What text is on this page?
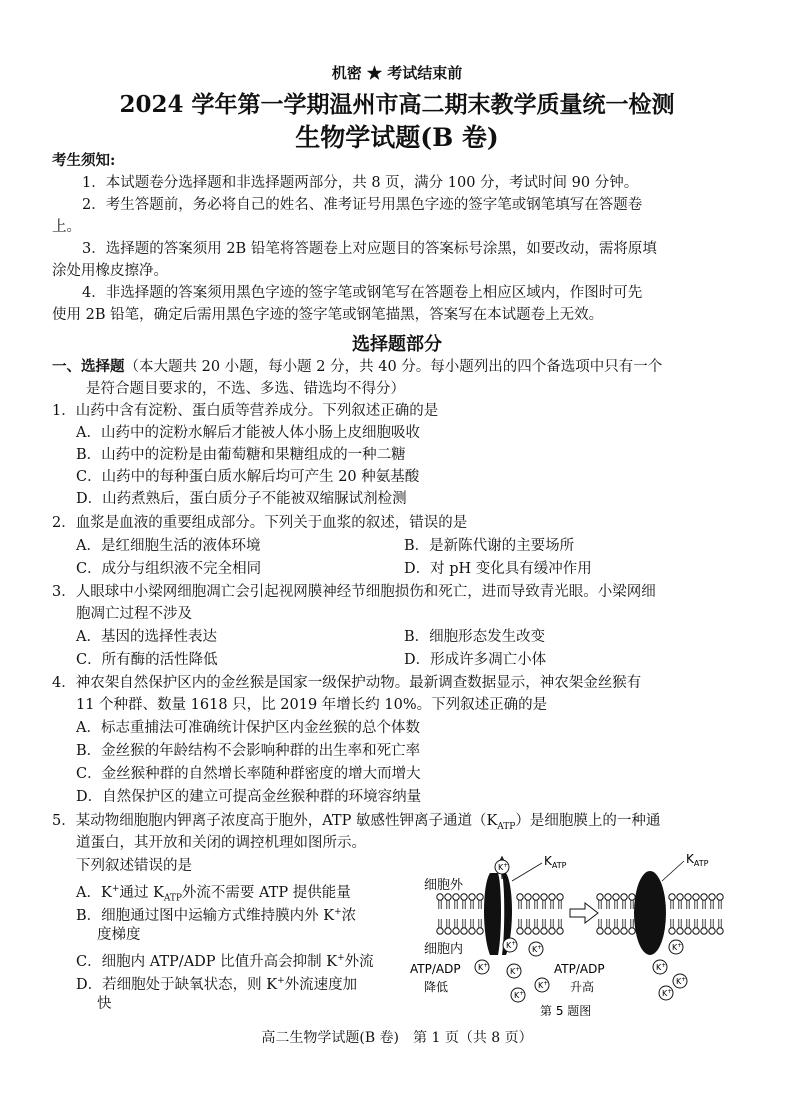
机密 ★ 考试结束前
2024 学年第一学期温州市高二期末教学质量统一检测
生物学试题(B 卷)
考生须知:
1．本试题卷分选择题和非选择题两部分，共 8 页，满分 100 分，考试时间 90 分钟。
2．考生答题前，务必将自己的姓名、准考证号用黑色字迹的签字笔或钢笔填写在答题卷
上。
3．选择题的答案须用 2B 铅笔将答题卷上对应题目的答案标号涂黑，如要改动，需将原填
涂处用橡皮擦净。
4．非选择题的答案须用黑色字迹的签字笔或钢笔写在答题卷上相应区域内，作图时可先
使用 2B 铅笔，确定后需用黑色字迹的签字笔或钢笔描黑，答案写在本试题卷上无效。
选择题部分
一、选择题（本大题共 20 小题，每小题 2 分，共 40 分。每小题列出的四个备选项中只有一个
是符合题目要求的，不选、多选、错选均不得分）
1．山药中含有淀粉、蛋白质等营养成分。下列叙述正确的是
A．山药中的淀粉水解后才能被人体小肠上皮细胞吸收
B．山药中的淀粉是由葡萄糖和果糖组成的一种二糖
C．山药中的每种蛋白质水解后均可产生 20 种氨基酸
D．山药煮熟后，蛋白质分子不能被双缩脲试剂检测
2．血浆是血液的重要组成部分。下列关于血浆的叙述，错误的是
A．是红细胞生活的液体环境	B．是新陈代谢的主要场所
C．成分与组织液不完全相同	D．对 pH 变化具有缓冲作用
3．人眼球中小梁网细胞凋亡会引起视网膜神经节细胞损伤和死亡，进而导致青光眼。小梁网细
胞凋亡过程不涉及
A．基因的选择性表达	B．细胞形态发生改变
C．所有酶的活性降低	D．形成许多凋亡小体
4．神农架自然保护区内的金丝猴是国家一级保护动物。最新调查数据显示，神农架金丝猴有
11 个种群、数量 1618 只，比 2019 年增长约 10%。下列叙述正确的是
A．标志重捕法可准确统计保护区内金丝猴的总个体数
B．金丝猴的年龄结构不会影响种群的出生率和死亡率
C．金丝猴种群的自然增长率随种群密度的增大而增大
D．自然保护区的建立可提高金丝猴种群的环境容纳量
5．某动物细胞胞内钾离子浓度高于胞外，ATP 敏感性钾离子通道$(K_{ATP})$是细胞膜上的一种通
道蛋白，其开放和关闭的调控机理如图所示。
下列叙述错误的是
A．K+通过 $K_{ATP}$外流不需要 ATP 提供能量
B．细胞通过图中运输方式维持膜内外 K+浓
度梯度
C．细胞内 ATP/ADP 比值升高会抑制 K+外流
D．若细胞处于缺氧状态，则 K+外流速度加
快
$K_{ATP}$	$K_{ATP}$
细胞外
细胞内
K+
K+
K+
K+
K+
K+
K+
K+
K+
K+
K+
ATP/ADP
降低
ATP/ADP
升高
第 5 题图
高二生物学试题(B 卷)　第 1 页（共 8 页）
